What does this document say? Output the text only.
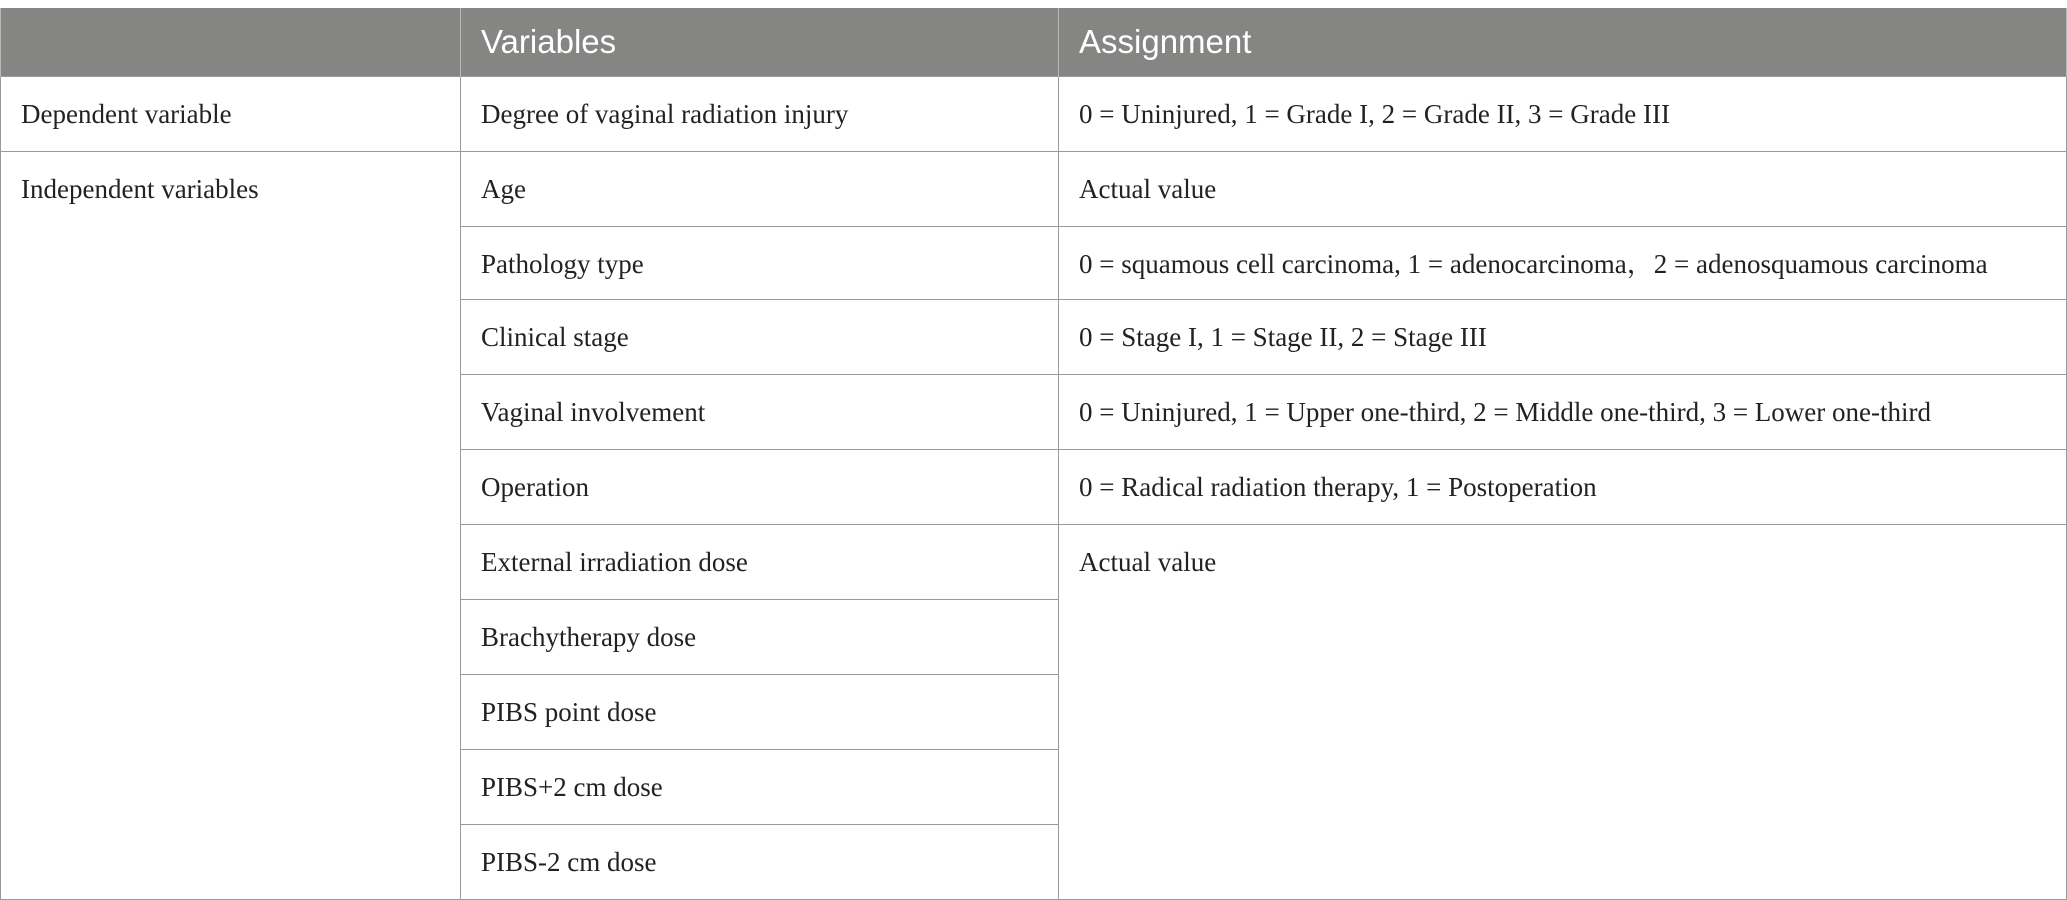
	Variables	Assignment
Dependent variable	Degree of vaginal radiation injury	0 = Uninjured, 1 = Grade I, 2 = Grade II, 3 = Grade III
Independent variables	Age	Actual value
	Pathology type	0 = squamous cell carcinoma, 1 = adenocarcinoma，2 = adenosquamous carcinoma
	Clinical stage	0 = Stage I, 1 = Stage II, 2 = Stage III
	Vaginal involvement	0 = Uninjured, 1 = Upper one-third, 2 = Middle one-third, 3 = Lower one-third
	Operation	0 = Radical radiation therapy, 1 = Postoperation
	External irradiation dose	Actual value
	Brachytherapy dose	
	PIBS point dose	
	PIBS+2 cm dose	
	PIBS-2 cm dose	
